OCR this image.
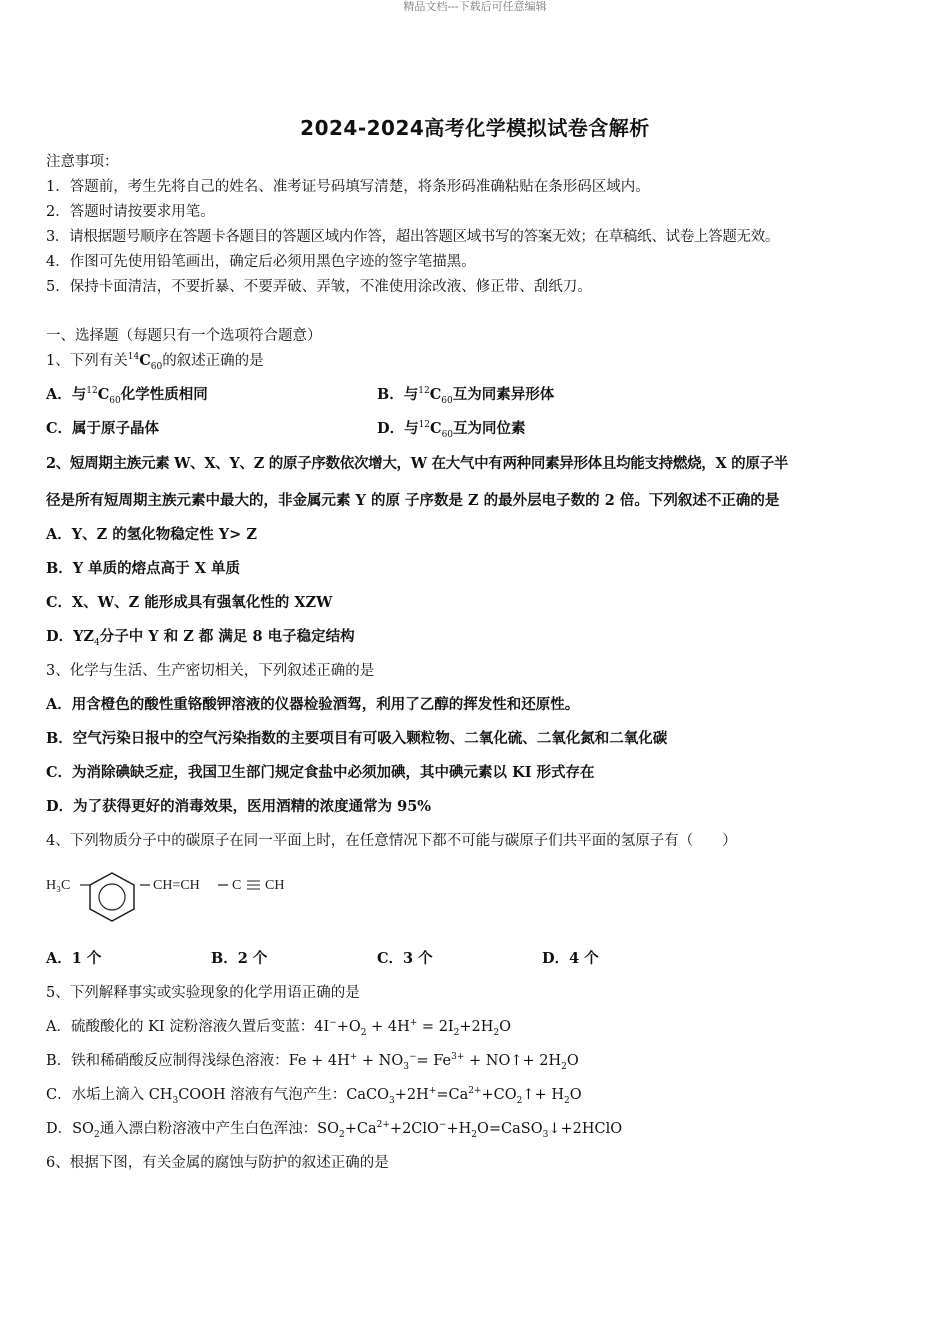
精品文档---下载后可任意编辑
2024-2024高考化学模拟试卷含解析
注意事项：
1．答题前，考生先将自己的姓名、准考证号码填写清楚，将条形码准确粘贴在条形码区域内。
2．答题时请按要求用笔。
3．请根据题号顺序在答题卡各题目的答题区域内作答，超出答题区域书写的答案无效；在草稿纸、试卷上答题无效。
4．作图可先使用铅笔画出，确定后必须用黑色字迹的签字笔描黑。
5．保持卡面清洁，不要折暴、不要弄破、弄皱，不准使用涂改液、修正带、刮纸刀。
一、选择题（每题只有一个选项符合题意）
1、下列有关$^{14}C_{60}$的叙述正确的是
A．与$^{12}C_{60}$化学性质相同	B．与$^{12}C_{60}$互为同素异形体
C．属于原子晶体	D．与$^{12}C_{60}$互为同位素
2、短周期主族元素 W、X、Y、Z 的原子序数依次增大，W 在大气中有两种同素异形体且均能支持燃烧，X 的原子半
径是所有短周期主族元素中最大的，非金属元素 Y 的原 子序数是 Z 的最外层电子数的 2 倍。下列叙述不正确的是
A．Y、Z 的氢化物稳定性 Y> Z
B．Y 单质的熔点高于 X 单质
C．X、W、Z 能形成具有强氧化性的 XZW
D．$YZ_4$分子中 Y 和 Z 都 满足 8 电子稳定结构
3、化学与生活、生产密切相关，下列叙述正确的是
A．用含橙色的酸性重铬酸钾溶液的仪器检验酒驾，利用了乙醇的挥发性和还原性。
B．空气污染日报中的空气污染指数的主要项目有可吸入颗粒物、二氧化硫、二氧化氮和二氧化碳
C．为消除碘缺乏症，我国卫生部门规定食盐中必须加碘，其中碘元素以 KI 形式存在
D．为了获得更好的消毒效果，医用酒精的浓度通常为 95%
4、下列物质分子中的碳原子在同一平面上时，在任意情况下都不可能与碳原子们共平面的氢原子有（　　）
H₃C	CH=CH C CH
A．1 个	B．2 个	C．3 个	D．4 个
5、下列解释事实或实验现象的化学用语正确的是
A．硫酸酸化的 KI 淀粉溶液久置后变蓝：$4I^-+O_2 + 4H^+ = 2I_2+2H_2O$
B．铁和稀硝酸反应制得浅绿色溶液：$Fe + 4H^+ + NO_3^-= Fe^{3+}$ + NO↑+ $2H_2O$
C．水垢上滴入 $CH_3COOH$ 溶液有气泡产生：$CaCO_3+2H^+=Ca^{2+}+CO_2↑+ H_2O$
D．$SO_2$通入漂白粉溶液中产生白色浑浊：$SO_2+Ca^{2+}+2ClO^-+H_2O=CaSO_3↓+2HClO$
6、根据下图，有关金属的腐蚀与防护的叙述正确的是
